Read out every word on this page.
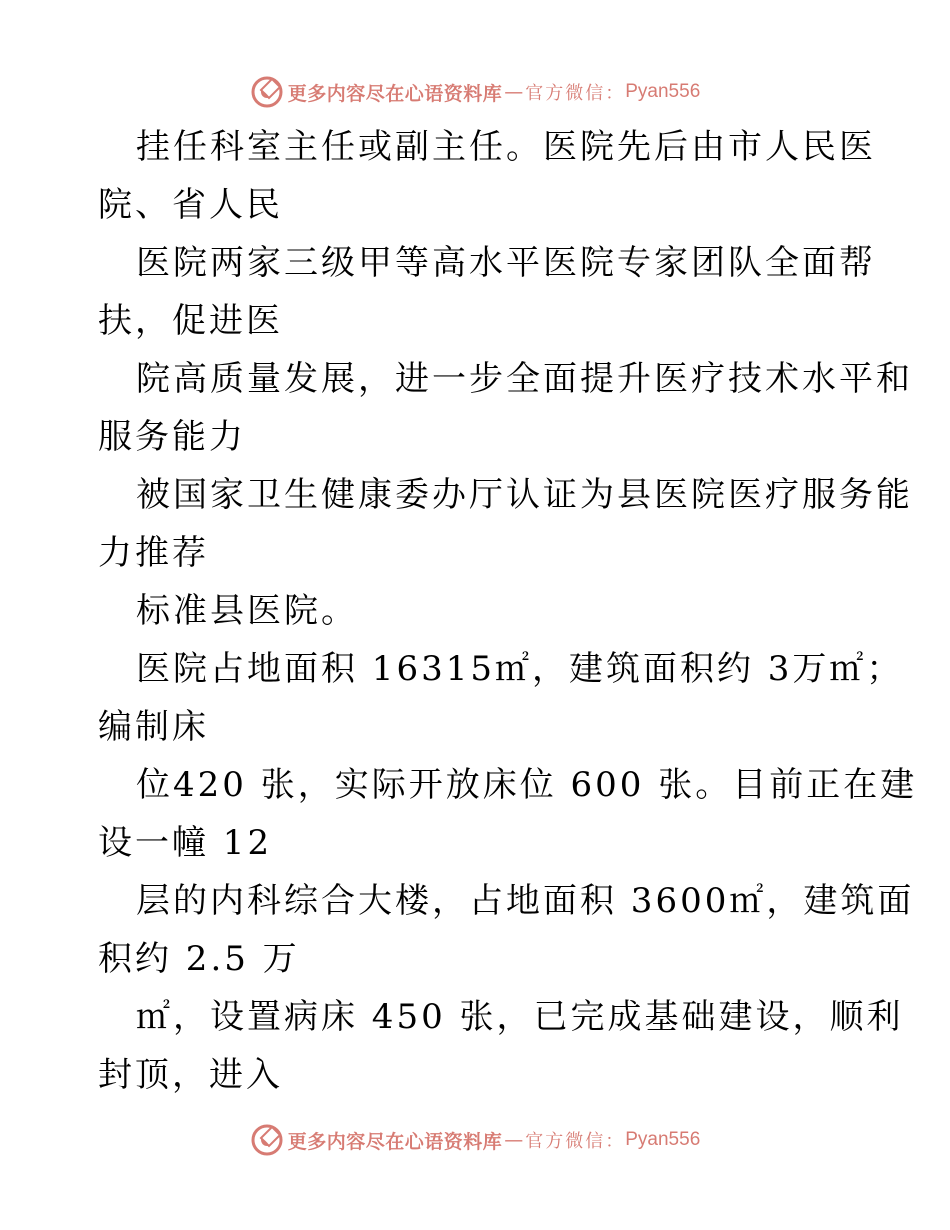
更多内容尽在心语资料库 — 官方微信： Pyan556
挂任科室主任或副主任。医院先后由市人民医
院、省人民
医院两家三级甲等高水平医院专家团队全面帮
扶，促进医
院高质量发展，进一步全面提升医疗技术水平和
服务能力
被国家卫生健康委办厅认证为县医院医疗服务能
力推荐
标准县医院。
医院占地面积 16315㎡，建筑面积约 3万㎡；
编制床
位420 张，实际开放床位 600 张。目前正在建
设一幢 12
层的内科综合大楼，占地面积 3600㎡，建筑面
积约 2.5 万
㎡，设置病床 450 张，已完成基础建设，顺利
封顶，进入
更多内容尽在心语资料库 — 官方微信： Pyan556
